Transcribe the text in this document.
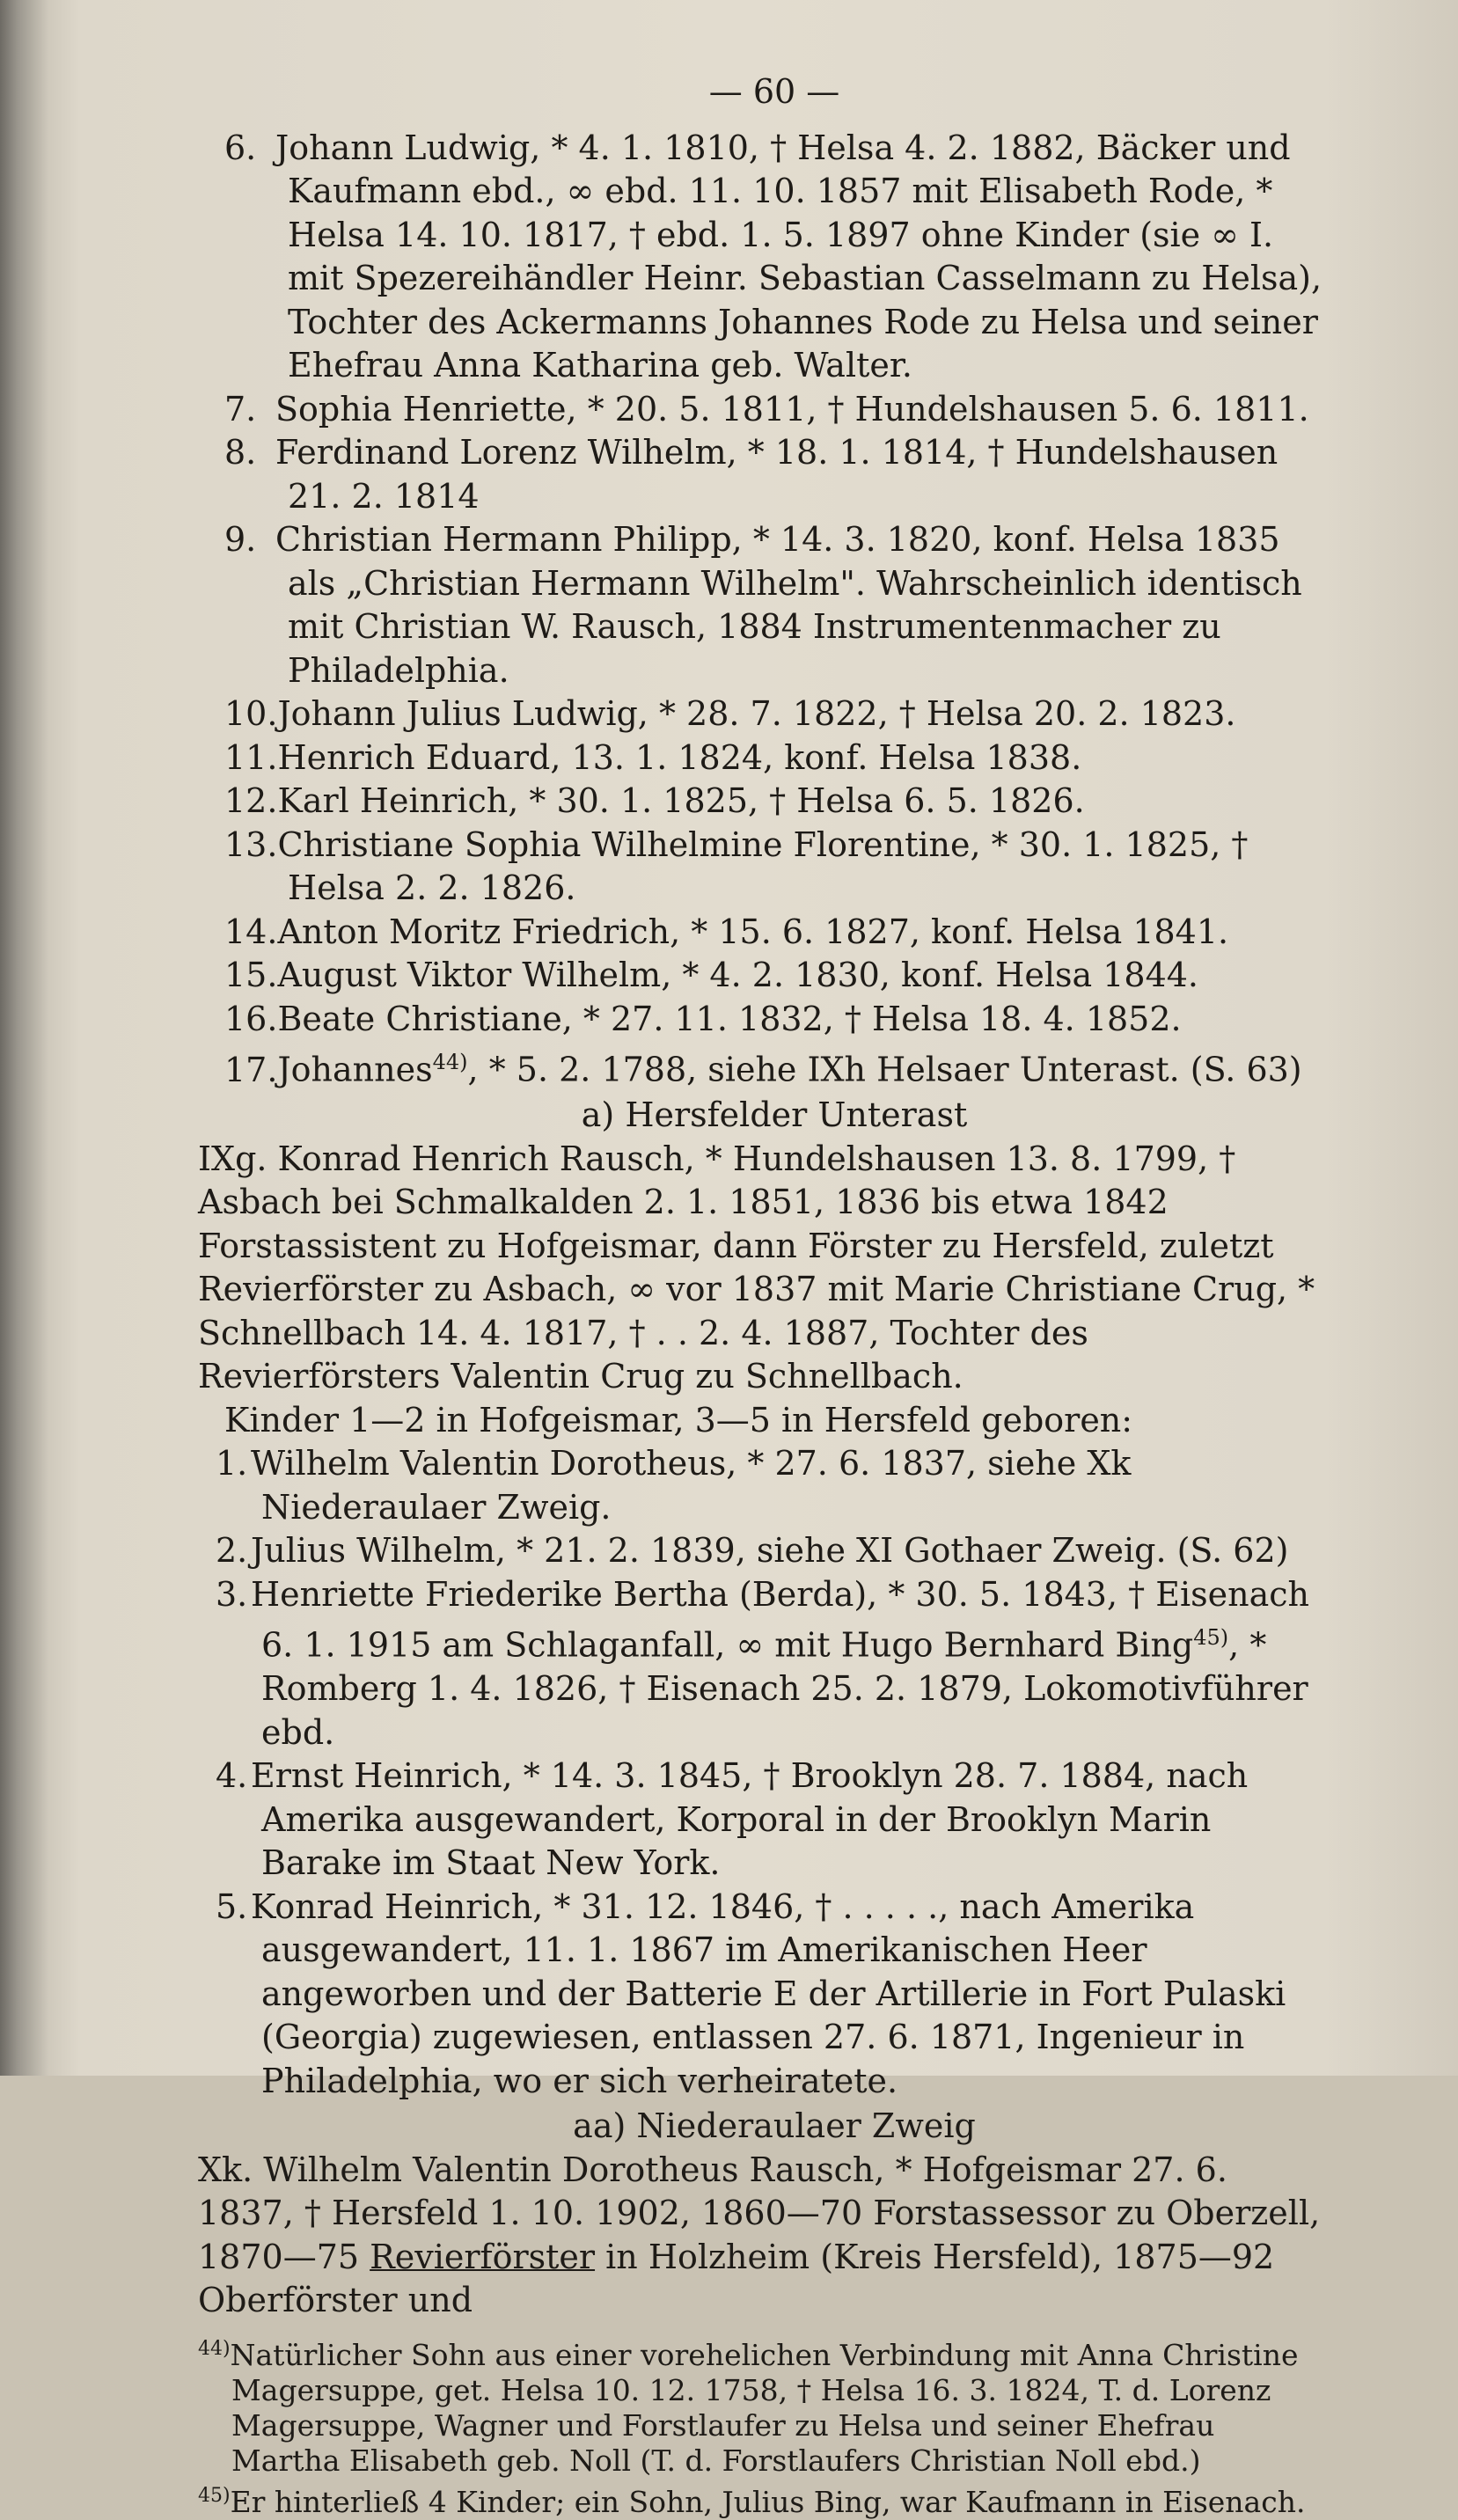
— 60 —
6. Johann Ludwig, * 4. 1. 1810, † Helsa 4. 2. 1882, Bäcker und Kaufmann ebd., ∞ ebd. 11. 10. 1857 mit Elisabeth Rode, * Helsa 14. 10. 1817, † ebd. 1. 5. 1897 ohne Kinder (sie ∞ I. mit Spezereihändler Heinr. Sebastian Casselmann zu Helsa), Tochter des Ackermanns Johannes Rode zu Helsa und seiner Ehefrau Anna Katharina geb. Walter.
7. Sophia Henriette, * 20. 5. 1811, † Hundelshausen 5. 6. 1811.
8. Ferdinand Lorenz Wilhelm, * 18. 1. 1814, † Hundelshausen 21. 2. 1814
9. Christian Hermann Philipp, * 14. 3. 1820, konf. Helsa 1835 als „Christian Hermann Wilhelm". Wahrscheinlich identisch mit Christian W. Rausch, 1884 Instrumentenmacher zu Philadelphia.
10.Johann Julius Ludwig, * 28. 7. 1822, † Helsa 20. 2. 1823.
11.Henrich Eduard, 13. 1. 1824, konf. Helsa 1838.
12.Karl Heinrich, * 30. 1. 1825, † Helsa 6. 5. 1826.
13.Christiane Sophia Wilhelmine Florentine, * 30. 1. 1825, † Helsa 2. 2. 1826.
14.Anton Moritz Friedrich, * 15. 6. 1827, konf. Helsa 1841.
15.August Viktor Wilhelm, * 4. 2. 1830, konf. Helsa 1844.
16.Beate Christiane, * 27. 11. 1832, † Helsa 18. 4. 1852.
17.Johannes$^{44)}$, * 5. 2. 1788, siehe IXh Helsaer Unterast. (S. 63)
a) Hersfelder Unterast
IXg. Konrad Henrich Rausch, * Hundelshausen 13. 8. 1799, † Asbach bei Schmalkalden 2. 1. 1851, 1836 bis etwa 1842 Forstassistent zu Hofgeismar, dann Förster zu Hersfeld, zuletzt Revierförster zu Asbach, ∞ vor 1837 mit Marie Christiane Crug, * Schnellbach 14. 4. 1817, † . . 2. 4. 1887, Tochter des Revierförsters Valentin Crug zu Schnellbach.
Kinder 1—2 in Hofgeismar, 3—5 in Hersfeld geboren:
1.Wilhelm Valentin Dorotheus, * 27. 6. 1837, siehe Xk Niederaulaer Zweig.
2.Julius Wilhelm, * 21. 2. 1839, siehe XI Gothaer Zweig. (S. 62)
3.Henriette Friederike Bertha (Berda), * 30. 5. 1843, † Eisenach 6. 1. 1915 am Schlaganfall, ∞ mit Hugo Bernhard Bing$^{45)}$, * Romberg 1. 4. 1826, † Eisenach 25. 2. 1879, Lokomotivführer ebd.
4.Ernst Heinrich, * 14. 3. 1845, † Brooklyn 28. 7. 1884, nach Amerika ausgewandert, Korporal in der Brooklyn Marin Barake im Staat New York.
5.Konrad Heinrich, * 31. 12. 1846, † . . . . ., nach Amerika ausgewandert, 11. 1. 1867 im Amerikanischen Heer angeworben und der Batterie E der Artillerie in Fort Pulaski (Georgia) zugewiesen, entlassen 27. 6. 1871, Ingenieur in Philadelphia, wo er sich verheiratete.
aa) Niederaulaer Zweig
Xk. Wilhelm Valentin Dorotheus Rausch, * Hofgeismar 27. 6. 1837, † Hersfeld 1. 10. 1902, 1860—70 Forstassessor zu Oberzell, 1870—75 Revierförster in Holzheim (Kreis Hersfeld), 1875—92 Oberförster und
$^{44)}$Natürlicher Sohn aus einer vorehelichen Verbindung mit Anna Christine Magersuppe, get. Helsa 10. 12. 1758, † Helsa 16. 3. 1824, T. d. Lorenz Magersuppe, Wagner und Forstlaufer zu Helsa und seiner Ehefrau Martha Elisabeth geb. Noll (T. d. Forstlaufers Christian Noll ebd.)
$^{45)}$Er hinterließ 4 Kinder; ein Sohn, Julius Bing, war Kaufmann in Eisenach.
